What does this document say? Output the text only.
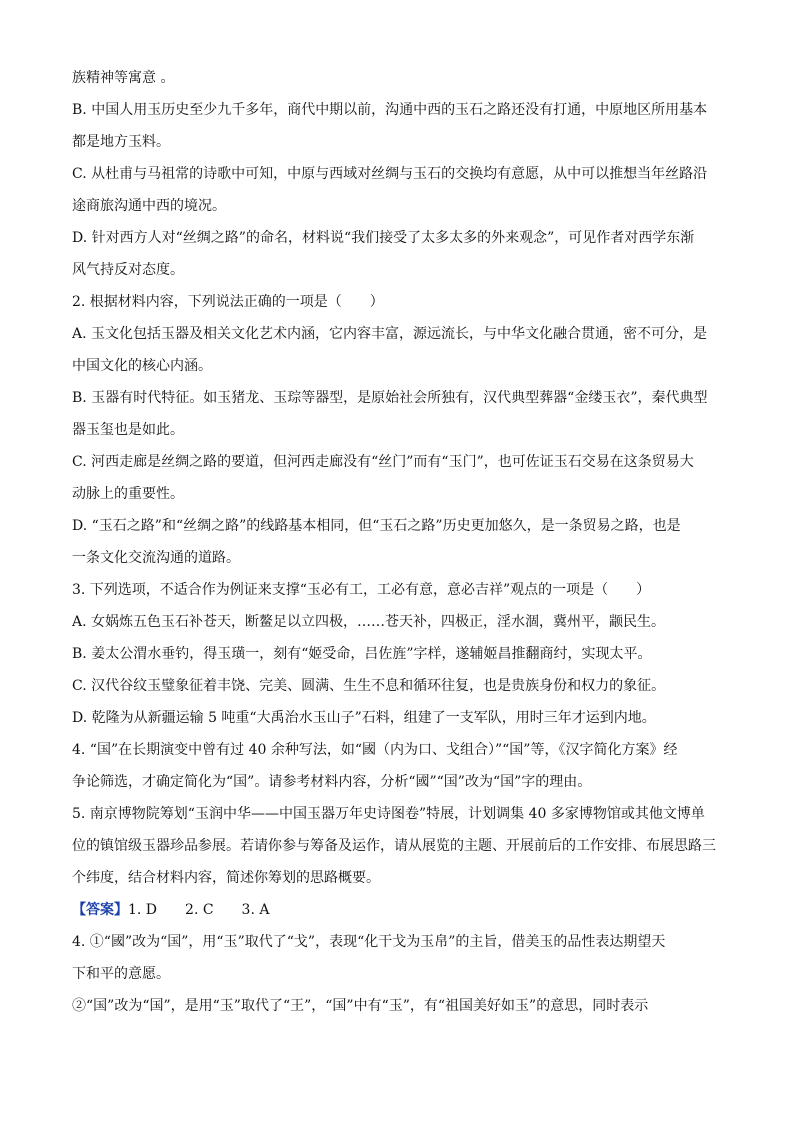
族精神等寓意 。
B. 中国人用玉历史至少九千多年，商代中期以前，沟通中西的玉石之路还没有打通，中原地区所用基本
都是地方玉料。
C. 从杜甫与马祖常的诗歌中可知，中原与西域对丝绸与玉石的交换均有意愿，从中可以推想当年丝路沿
途商旅沟通中西的境况。
D. 针对西方人对“丝绸之路”的命名，材料说“我们接受了太多太多的外来观念”，可见作者对西学东渐
风气持反对态度。
2. 根据材料内容，下列说法正确的一项是（　　）
A. 玉文化包括玉器及相关文化艺术内涵，它内容丰富，源远流长，与中华文化融合贯通，密不可分，是
中国文化的核心内涵。
B. 玉器有时代特征。如玉猪龙、玉琮等器型，是原始社会所独有，汉代典型葬器“金缕玉衣”，秦代典型
器玉玺也是如此。
C. 河西走廊是丝绸之路的要道，但河西走廊没有“丝门”而有“玉门”，也可佐证玉石交易在这条贸易大
动脉上的重要性。
D. “玉石之路”和“丝绸之路”的线路基本相同，但“玉石之路”历史更加悠久，是一条贸易之路，也是
一条文化交流沟通的道路。
3. 下列选项，不适合作为例证来支撑“玉必有工，工必有意，意必吉祥”观点的一项是（　　）
A. 女娲炼五色玉石补苍天，断鳌足以立四极，……苍天补，四极正，淫水涸，冀州平，颛民生。
B. 姜太公渭水垂钓，得玉璜一，刻有“姬受命，吕佐旌”字样，遂辅姬昌推翻商纣，实现太平。
C. 汉代谷纹玉璧象征着丰饶、完美、圆满、生生不息和循环往复，也是贵族身份和权力的象征。
D. 乾隆为从新疆运输 5 吨重“大禹治水玉山子”石料，组建了一支军队，用时三年才运到内地。
4. “国”在长期演变中曾有过 40 余种写法，如“國（内为口、戈组合）”“国”等，《汉字简化方案》经
争论筛选，才确定简化为“国”。请参考材料内容，分析“國”“国”改为“国”字的理由。
5. 南京博物院筹划“玉润中华——中国玉器万年史诗图卷”特展，计划调集 40 多家博物馆或其他文博单
位的镇馆级玉器珍品参展。若请你参与筹备及运作，请从展览的主题、开展前后的工作安排、布展思路三
个纬度，结合材料内容，简述你筹划的思路概要。
【答案】1. D　　2. C　　3. A
4. ①“國”改为“国”，用“玉”取代了“戈”，表现“化干戈为玉帛”的主旨，借美玉的品性表达期望天
下和平的意愿。
②“国”改为“国”，是用“玉”取代了“王”，“国”中有“玉”，有“祖国美好如玉”的意思，同时表示
